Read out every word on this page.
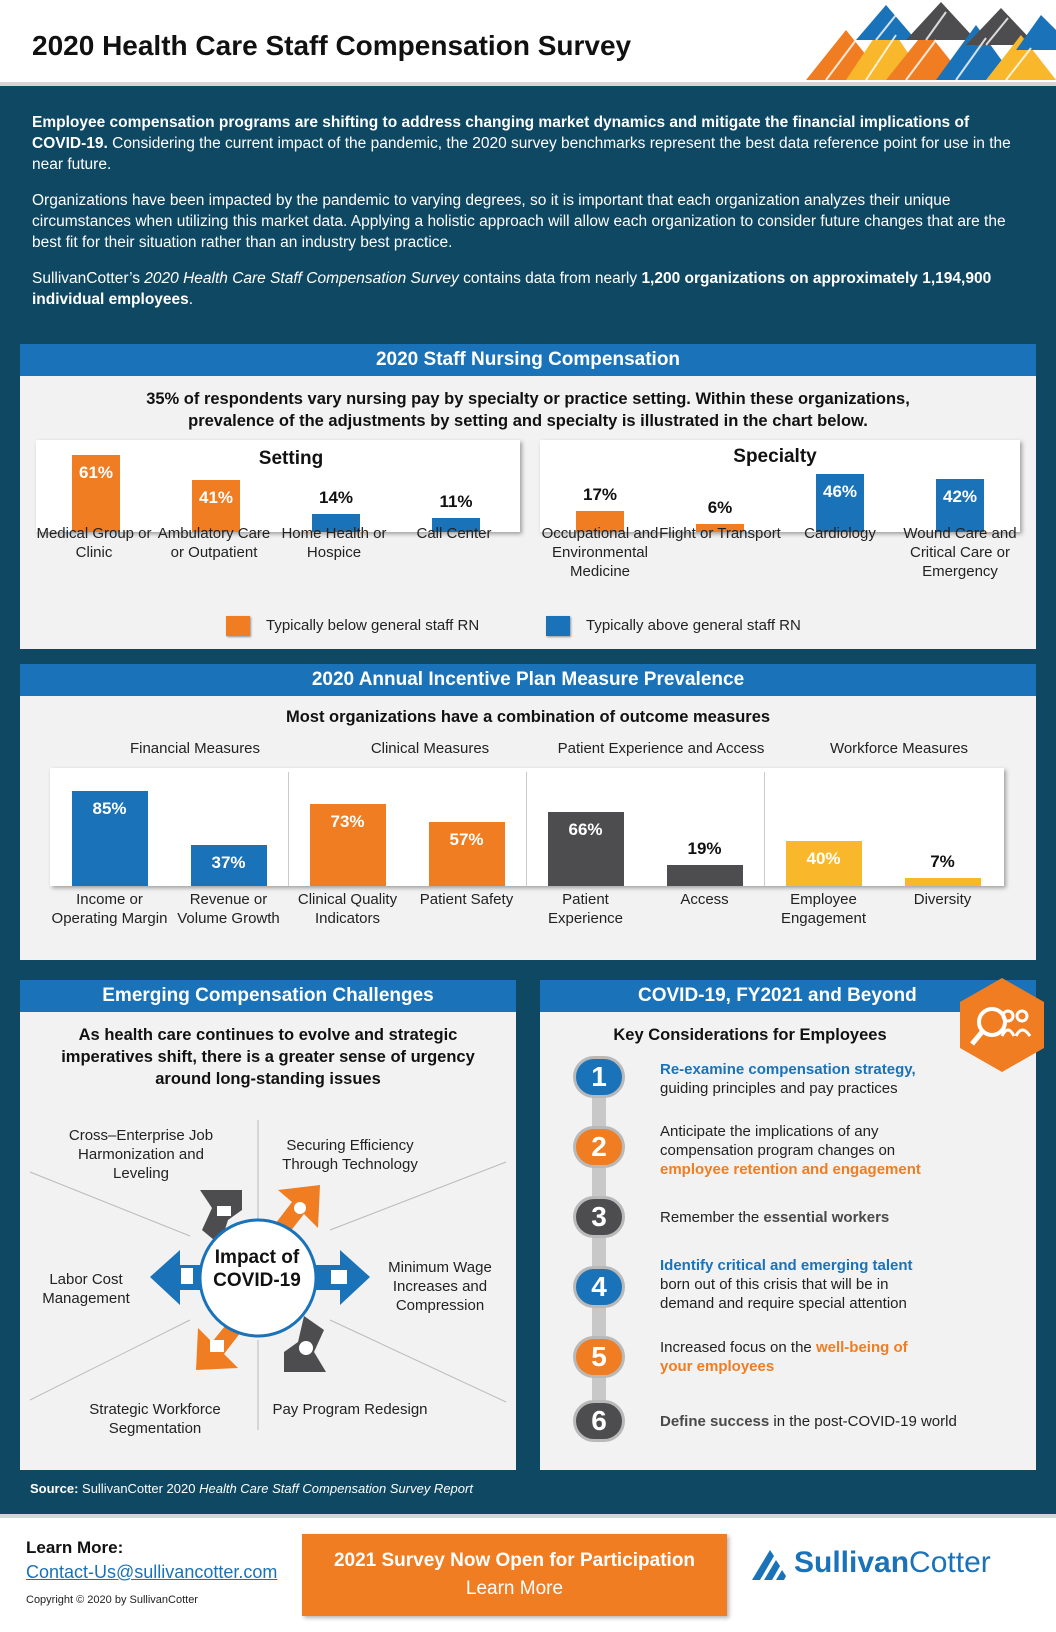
2020 Health Care Staff Compensation Survey

Employee compensation programs are shifting to address changing market dynamics and mitigate the financial implications of COVID-19. Considering the current impact of the pandemic, the 2020 survey benchmarks represent the best data reference point for use in the near future.

Organizations have been impacted by the pandemic to varying degrees, so it is important that each organization analyzes their unique circumstances when utilizing this market data. Applying a holistic approach will allow each organization to consider future changes that are the best fit for their situation rather than an industry best practice.

SullivanCotter’s 2020 Health Care Staff Compensation Survey contains data from nearly 1,200 organizations on approximately 1,194,900 individual employees.

2020 Staff Nursing Compensation
35% of respondents vary nursing pay by specialty or practice setting. Within these organizations,
prevalence of the adjustments by setting and specialty is illustrated in the chart below.
Setting
61%
41%	14%	11%
Specialty
17%
6%
46%	42%
Medical Group or Clinic
Ambulatory Care or Outpatient
Home Health or Hospice
Call Center	Occupational and Environmental Medicine
Flight or Transport	Cardiology	Wound Care and Critical Care or Emergency
Typically below general staff RN	Typically above general staff RN
2020 Annual Incentive Plan Measure Prevalence
Most organizations have a combination of outcome measures
Financial Measures	Clinical Measures	Patient Experience and Access	Workforce Measures
85%
37%
73%
57%
66%
19%
40%	7%
Income or Operating Margin
Revenue or Volume Growth
Clinical Quality Indicators
Patient Safety	Patient Experience
Access	Employee Engagement
Diversity
Emerging Compensation Challenges
As health care continues to evolve and strategic imperatives shift, there is a greater sense of urgency around long-standing issues
Impact of COVID-19
Cross–Enterprise Job Harmonization and Leveling
Securing Efficiency Through Technology
Minimum Wage Increases and Compression
Pay Program Redesign
Strategic Workforce Segmentation
Labor Cost Management
COVID-19, FY2021 and Beyond
Key Considerations for Employees
1	Re-examine compensation strategy, guiding principles and pay practices
2	Anticipate the implications of any compensation program changes on employee retention and engagement
3	Remember the essential workers
4
Identify critical and emerging talent born out of this crisis that will be in demand and require special attention
5	Increased focus on the well-being of your employees
6	Define success in the post-COVID-19 world
Source: SullivanCotter 2020 Health Care Staff Compensation Survey Report
Learn More:
Contact-Us@sullivancotter.com
Copyright © 2020 by SullivanCotter
2021 Survey Now Open for Participation
Learn More
SullivanCotter
